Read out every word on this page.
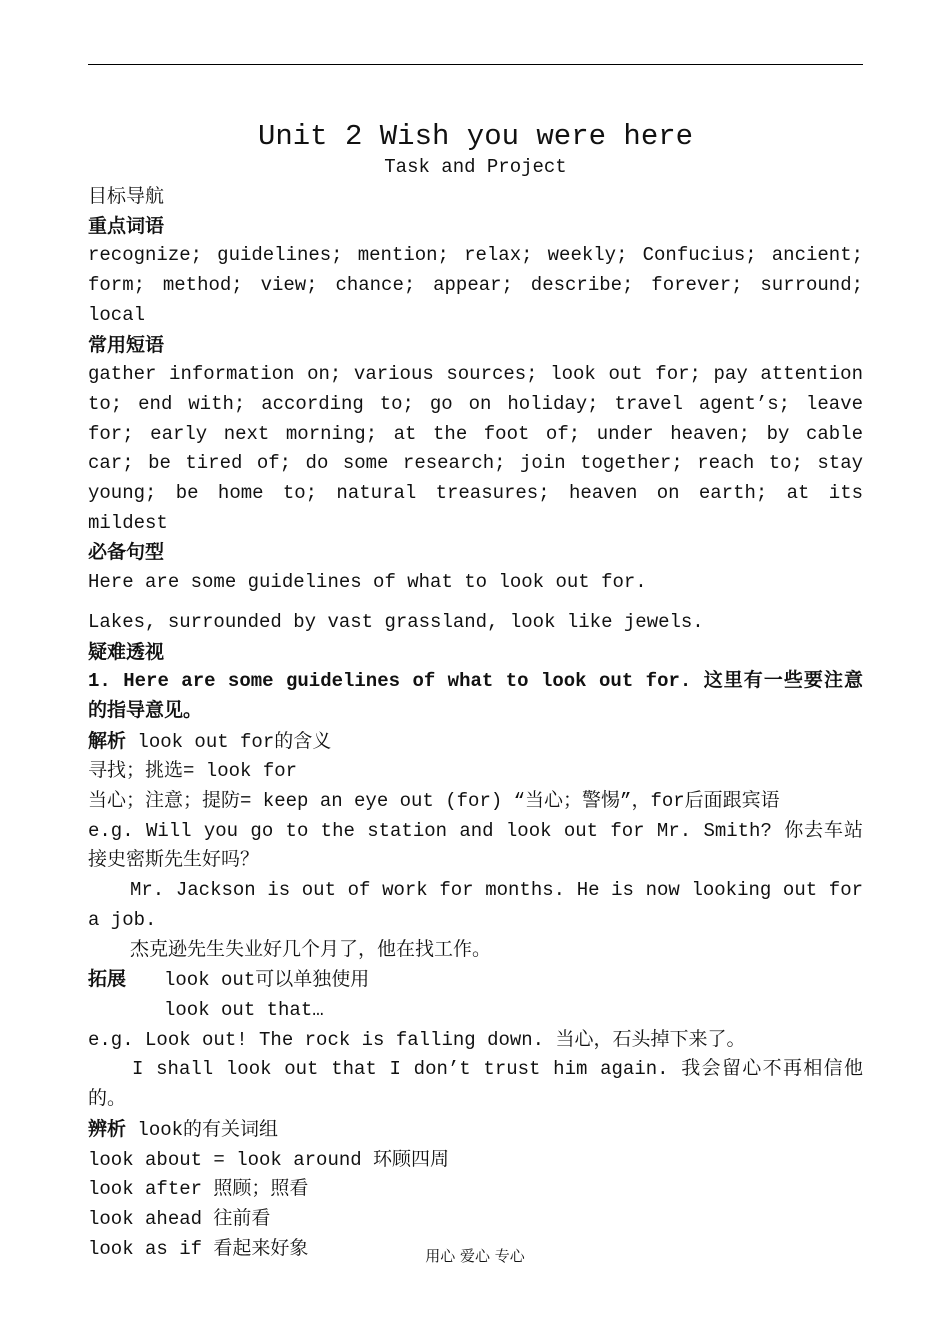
Unit 2 Wish you were here
Task and Project

目标导航

重点词语

recognize; guidelines; mention; relax; weekly; Confucius; ancient; form; method; view; chance; appear; describe; forever; surround; local

常用短语

gather information on; various sources; look out for; pay attention to; end with; according to; go on holiday; travel agent’s; leave for; early next morning; at the foot of; under heaven; by cable car; be tired of; do some research; join together; reach to; stay young; be home to; natural treasures; heaven on earth; at its mildest

必备句型

Here are some guidelines of what to look out for.

Lakes, surrounded by vast grassland, look like jewels.

疑难透视

1. Here are some guidelines of what to look out for. 这里有一些要注意的指导意见。

解析 look out for的含义

寻找；挑选= look for

当心；注意；提防= keep an eye out (for) “当心；警惕”，for后面跟宾语

e.g. Will you go to the station and look out for Mr. Smith? 你去车站接史密斯先生好吗？

Mr. Jackson is out of work for months. He is now looking out for a job.

杰克逊先生失业好几个月了，他在找工作。

拓展 look out可以单独使用

look out that…

e.g. Look out! The rock is falling down. 当心，石头掉下来了。

I shall look out that I don’t trust him again. 我会留心不再相信他的。

辨析 look的有关词组

look about = look around 环顾四周

look after 照顾；照看

look ahead 往前看

look as if 看起来好象	用心 爱心 专心
